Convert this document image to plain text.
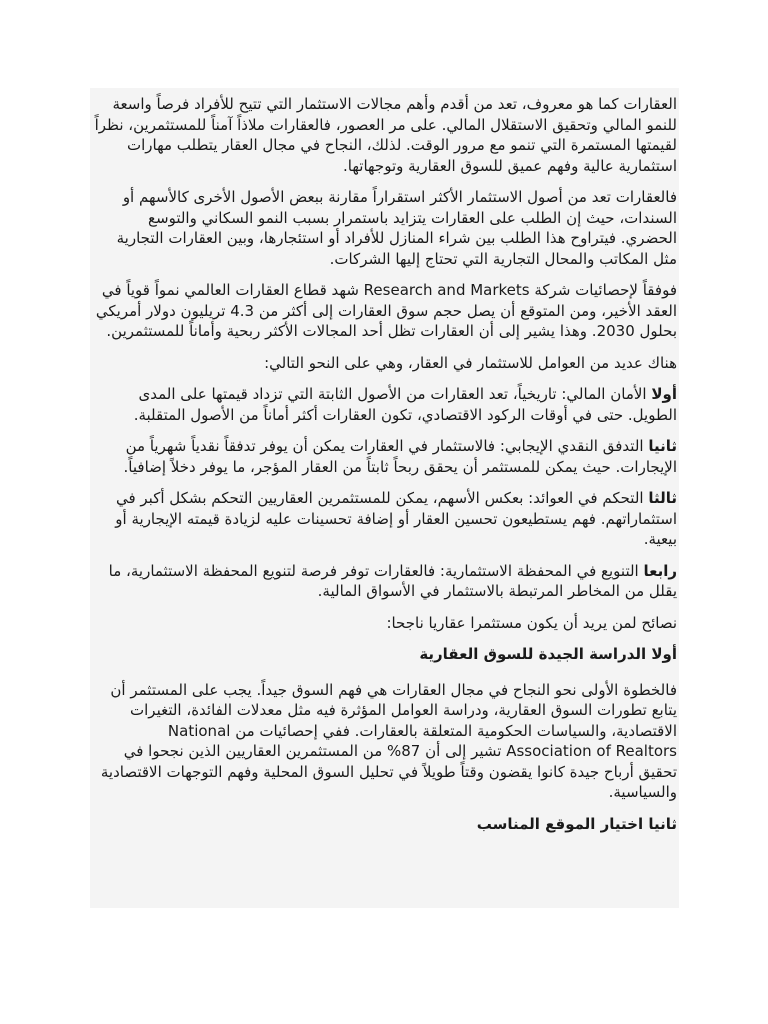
العقارات كما هو معروف، تعد من أقدم وأهم مجالات الاستثمار التي تتيح للأفراد فرصاً واسعة للنمو المالي وتحقيق الاستقلال المالي. على مر العصور، فالعقارات ملاذاً آمناً للمستثمرين، نظراً لقيمتها المستمرة التي تنمو مع مرور الوقت. لذلك، النجاح في مجال العقار يتطلب مهارات استثمارية عالية وفهم عميق للسوق العقارية وتوجهاتها.

فالعقارات تعد من أصول الاستثمار الأكثر استقراراً مقارنة ببعض الأصول الأخرى كالأسهم أو السندات، حيث إن الطلب على العقارات يتزايد باستمرار بسبب النمو السكاني والتوسع الحضري. فيتراوح هذا الطلب بين شراء المنازل للأفراد أو استئجارها، وبين العقارات التجارية مثل المكاتب والمحال التجارية التي تحتاج إليها الشركات.

فوفقاً لإحصائيات شركة Research and Markets شهد قطاع العقارات العالمي نمواً قوياً في العقد الأخير، ومن المتوقع أن يصل حجم سوق العقارات إلى أكثر من 4.3 تريليون دولار أمريكي بحلول 2030. وهذا يشير إلى أن العقارات تظل أحد المجالات الأكثر ربحية وأماناً للمستثمرين.

هناك عديد من العوامل للاستثمار في العقار، وهي على النحو التالي:

أولا الأمان المالي: تاريخياً، تعد العقارات من الأصول الثابتة التي تزداد قيمتها على المدى الطويل. حتى في أوقات الركود الاقتصادي، تكون العقارات أكثر أماناً من الأصول المتقلبة.

ثانيا التدفق النقدي الإيجابي: فالاستثمار في العقارات يمكن أن يوفر تدفقاً نقدياً شهرياً من الإيجارات. حيث يمكن للمستثمر أن يحقق ربحاً ثابتاً من العقار المؤجر، ما يوفر دخلاً إضافياً.

ثالثا التحكم في العوائد: بعكس الأسهم، يمكن للمستثمرين العقاريين التحكم بشكل أكبر في استثماراتهم. فهم يستطيعون تحسين العقار أو إضافة تحسينات عليه لزيادة قيمته الإيجارية أو بيعية.

رابعا التنويع في المحفظة الاستثمارية: فالعقارات توفر فرصة لتنويع المحفظة الاستثمارية، ما يقلل من المخاطر المرتبطة بالاستثمار في الأسواق المالية.

نصائح لمن يريد أن يكون مستثمرا عقاريا ناجحا:

أولا الدراسة الجيدة للسوق العقارية

فالخطوة الأولى نحو النجاح في مجال العقارات هي فهم السوق جيداً. يجب على المستثمر أن يتابع تطورات السوق العقارية، ودراسة العوامل المؤثرة فيه مثل معدلات الفائدة، التغيرات الاقتصادية، والسياسات الحكومية المتعلقة بالعقارات. ففي إحصائيات من National Association of Realtors تشير إلى أن 87% من المستثمرين العقاريين الذين نجحوا في تحقيق أرباح جيدة كانوا يقضون وقتاً طويلاً في تحليل السوق المحلية وفهم التوجهات الاقتصادية والسياسية.

ثانيا اختيار الموقع المناسب
